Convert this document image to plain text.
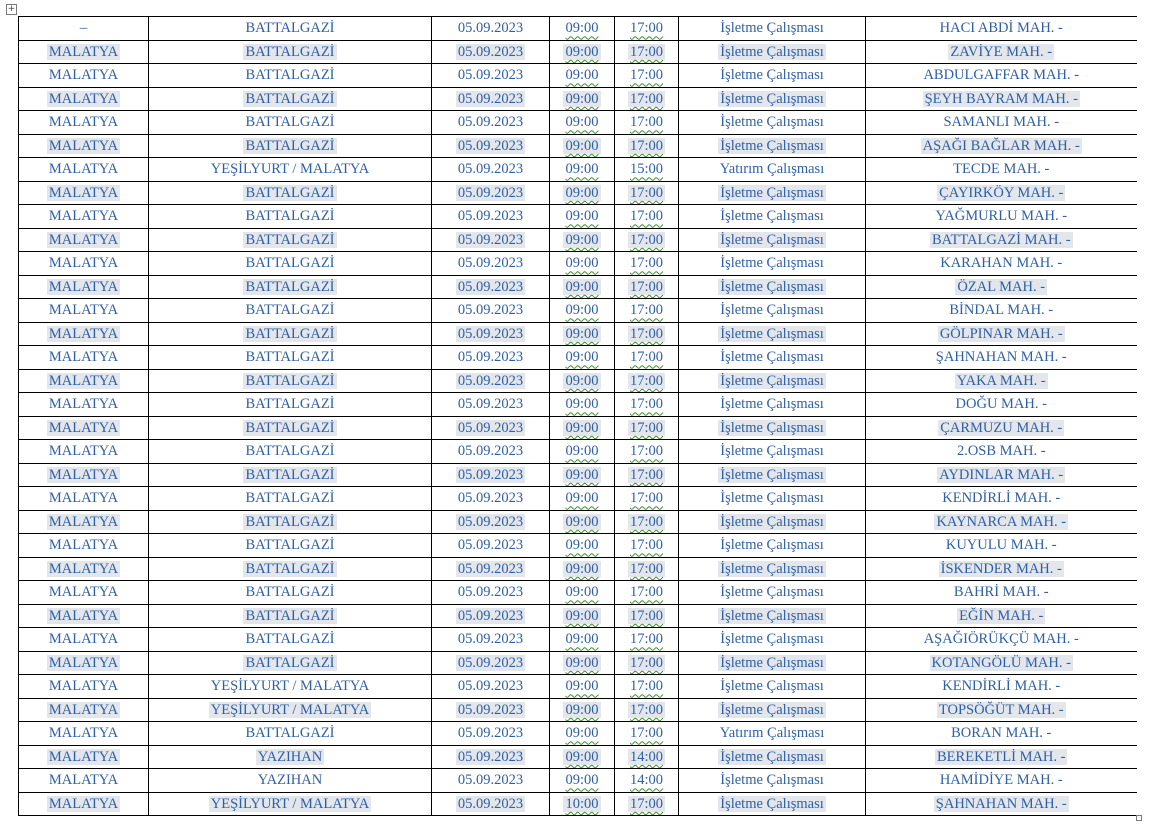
+
–	BATTALGAZİ	05.09.2023	09:00	17:00	İşletme Çalışması	HACI ABDİ MAH. -
MALATYA	BATTALGAZİ	05.09.2023	09:00	17:00	İşletme Çalışması	ZAVİYE MAH. -
MALATYA	BATTALGAZİ	05.09.2023	09:00	17:00	İşletme Çalışması	ABDULGAFFAR MAH. -
MALATYA	BATTALGAZİ	05.09.2023	09:00	17:00	İşletme Çalışması	ŞEYH BAYRAM MAH. -
MALATYA	BATTALGAZİ	05.09.2023	09:00	17:00	İşletme Çalışması	SAMANLI MAH. -
MALATYA	BATTALGAZİ	05.09.2023	09:00	17:00	İşletme Çalışması	AŞAĞI BAĞLAR MAH. -
MALATYA	YEŞİLYURT / MALATYA	05.09.2023	09:00	15:00	Yatırım Çalışması	TECDE MAH. -
MALATYA	BATTALGAZİ	05.09.2023	09:00	17:00	İşletme Çalışması	ÇAYIRKÖY MAH. -
MALATYA	BATTALGAZİ	05.09.2023	09:00	17:00	İşletme Çalışması	YAĞMURLU MAH. -
MALATYA	BATTALGAZİ	05.09.2023	09:00	17:00	İşletme Çalışması	BATTALGAZİ MAH. -
MALATYA	BATTALGAZİ	05.09.2023	09:00	17:00	İşletme Çalışması	KARAHAN MAH. -
MALATYA	BATTALGAZİ	05.09.2023	09:00	17:00	İşletme Çalışması	ÖZAL MAH. -
MALATYA	BATTALGAZİ	05.09.2023	09:00	17:00	İşletme Çalışması	BİNDAL MAH. -
MALATYA	BATTALGAZİ	05.09.2023	09:00	17:00	İşletme Çalışması	GÖLPINAR MAH. -
MALATYA	BATTALGAZİ	05.09.2023	09:00	17:00	İşletme Çalışması	ŞAHNAHAN MAH. -
MALATYA	BATTALGAZİ	05.09.2023	09:00	17:00	İşletme Çalışması	YAKA MAH. -
MALATYA	BATTALGAZİ	05.09.2023	09:00	17:00	İşletme Çalışması	DOĞU MAH. -
MALATYA	BATTALGAZİ	05.09.2023	09:00	17:00	İşletme Çalışması	ÇARMUZU MAH. -
MALATYA	BATTALGAZİ	05.09.2023	09:00	17:00	İşletme Çalışması	2.OSB MAH. -
MALATYA	BATTALGAZİ	05.09.2023	09:00	17:00	İşletme Çalışması	AYDINLAR MAH. -
MALATYA	BATTALGAZİ	05.09.2023	09:00	17:00	İşletme Çalışması	KENDİRLİ MAH. -
MALATYA	BATTALGAZİ	05.09.2023	09:00	17:00	İşletme Çalışması	KAYNARCA MAH. -
MALATYA	BATTALGAZİ	05.09.2023	09:00	17:00	İşletme Çalışması	KUYULU MAH. -
MALATYA	BATTALGAZİ	05.09.2023	09:00	17:00	İşletme Çalışması	İSKENDER MAH. -
MALATYA	BATTALGAZİ	05.09.2023	09:00	17:00	İşletme Çalışması	BAHRİ MAH. -
MALATYA	BATTALGAZİ	05.09.2023	09:00	17:00	İşletme Çalışması	EĞİN MAH. -
MALATYA	BATTALGAZİ	05.09.2023	09:00	17:00	İşletme Çalışması	AŞAĞIÖRÜKÇÜ MAH. -
MALATYA	BATTALGAZİ	05.09.2023	09:00	17:00	İşletme Çalışması	KOTANGÖLÜ MAH. -
MALATYA	YEŞİLYURT / MALATYA	05.09.2023	09:00	17:00	İşletme Çalışması	KENDİRLİ MAH. -
MALATYA	YEŞİLYURT / MALATYA	05.09.2023	09:00	17:00	İşletme Çalışması	TOPSÖĞÜT MAH. -
MALATYA	BATTALGAZİ	05.09.2023	09:00	17:00	Yatırım Çalışması	BORAN MAH. -
MALATYA	YAZIHAN	05.09.2023	09:00	14:00	İşletme Çalışması	BEREKETLİ MAH. -
MALATYA	YAZIHAN	05.09.2023	09:00	14:00	İşletme Çalışması	HAMİDİYE MAH. -
MALATYA	YEŞİLYURT / MALATYA	05.09.2023	10:00	17:00	İşletme Çalışması	ŞAHNAHAN MAH. -
